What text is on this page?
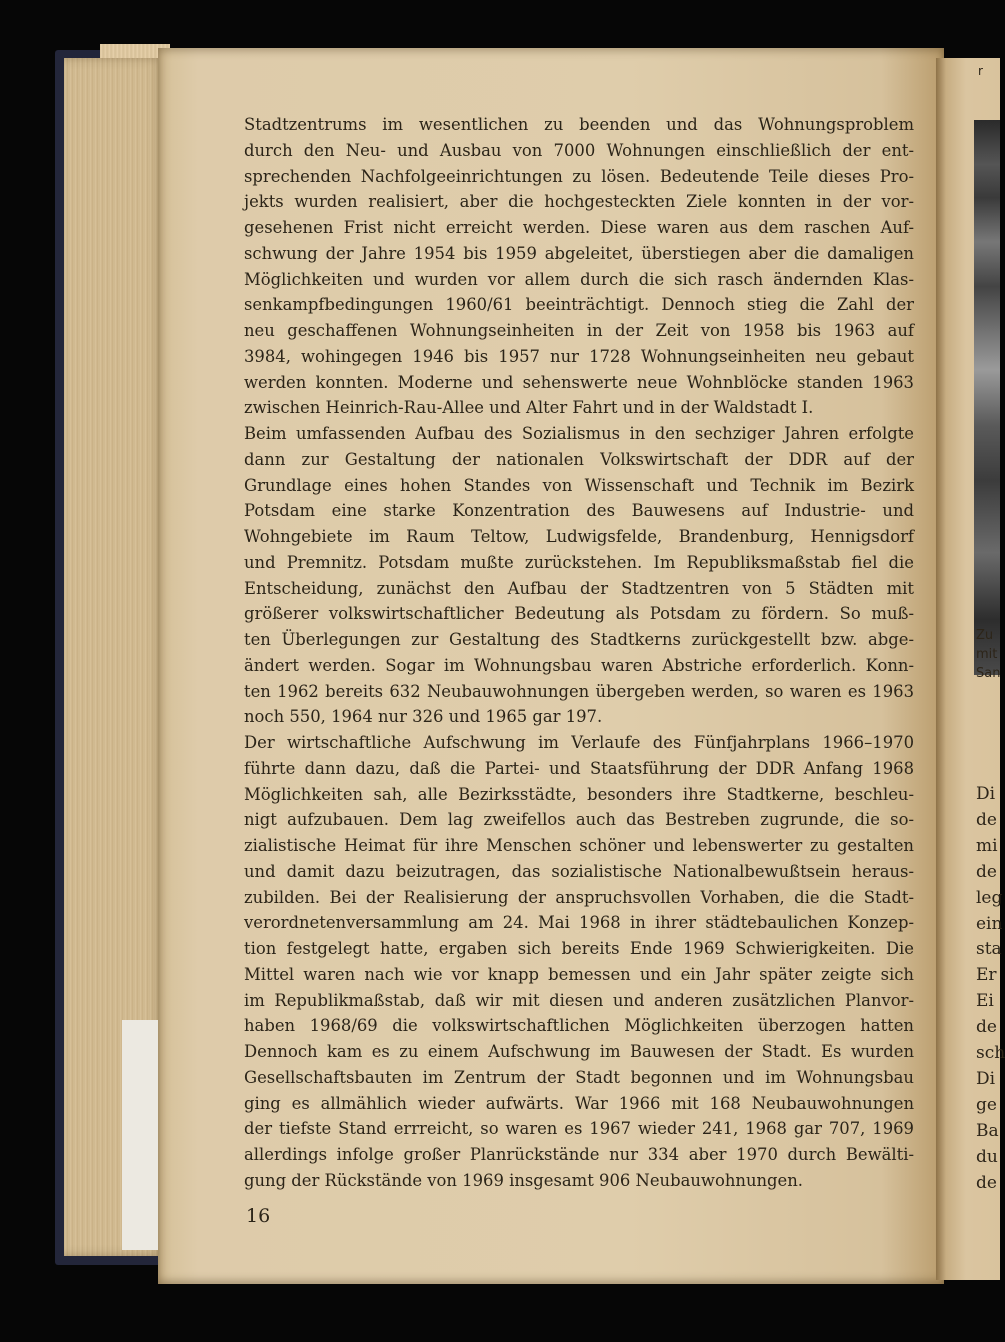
Stadtzentrums im wesentlichen zu beenden und das Wohnungsproblem
durch den Neu- und Ausbau von 7000 Wohnungen einschließlich der ent-
sprechenden Nachfolgeeinrichtungen zu lösen. Bedeutende Teile dieses Pro-
jekts wurden realisiert, aber die hochgesteckten Ziele konnten in der vor-
gesehenen Frist nicht erreicht werden. Diese waren aus dem raschen Auf-
schwung der Jahre 1954 bis 1959 abgeleitet, überstiegen aber die damaligen
Möglichkeiten und wurden vor allem durch die sich rasch ändernden Klas-
senkampfbedingungen 1960/61 beeinträchtigt. Dennoch stieg die Zahl der
neu geschaffenen Wohnungseinheiten in der Zeit von 1958 bis 1963 auf
3984, wohingegen 1946 bis 1957 nur 1728 Wohnungseinheiten neu gebaut
werden konnten. Moderne und sehenswerte neue Wohnblöcke standen 1963
zwischen Heinrich-Rau-Allee und Alter Fahrt und in der Waldstadt I.
Beim umfassenden Aufbau des Sozialismus in den sechziger Jahren erfolgte
dann zur Gestaltung der nationalen Volkswirtschaft der DDR auf der
Grundlage eines hohen Standes von Wissenschaft und Technik im Bezirk
Potsdam eine starke Konzentration des Bauwesens auf Industrie- und
Wohngebiete im Raum Teltow, Ludwigsfelde, Brandenburg, Hennigsdorf
und Premnitz. Potsdam mußte zurückstehen. Im Republiksmaßstab fiel die
Entscheidung, zunächst den Aufbau der Stadtzentren von 5 Städten mit
größerer volkswirtschaftlicher Bedeutung als Potsdam zu fördern. So muß-
ten Überlegungen zur Gestaltung des Stadtkerns zurückgestellt bzw. abge-
ändert werden. Sogar im Wohnungsbau waren Abstriche erforderlich. Konn-
ten 1962 bereits 632 Neubauwohnungen übergeben werden, so waren es 1963
noch 550, 1964 nur 326 und 1965 gar 197.
Der wirtschaftliche Aufschwung im Verlaufe des Fünfjahrplans 1966–1970
führte dann dazu, daß die Partei- und Staatsführung der DDR Anfang 1968
Möglichkeiten sah, alle Bezirksstädte, besonders ihre Stadtkerne, beschleu-
nigt aufzubauen. Dem lag zweifellos auch das Bestreben zugrunde, die so-
zialistische Heimat für ihre Menschen schöner und lebenswerter zu gestalten
und damit dazu beizutragen, das sozialistische Nationalbewußtsein heraus-
zubilden. Bei der Realisierung der anspruchsvollen Vorhaben, die die Stadt-
verordnetenversammlung am 24. Mai 1968 in ihrer städtebaulichen Konzep-
tion festgelegt hatte, ergaben sich bereits Ende 1969 Schwierigkeiten. Die
Mittel waren nach wie vor knapp bemessen und ein Jahr später zeigte sich
im Republikmaßstab, daß wir mit diesen und anderen zusätzlichen Planvor-
haben 1968/69 die volkswirtschaftlichen Möglichkeiten überzogen hatten
Dennoch kam es zu einem Aufschwung im Bauwesen der Stadt. Es wurden
Gesellschaftsbauten im Zentrum der Stadt begonnen und im Wohnungsbau
ging es allmählich wieder aufwärts. War 1966 mit 168 Neubauwohnungen
der tiefste Stand errreicht, so waren es 1967 wieder 241, 1968 gar 707, 1969
allerdings infolge großer Planrückstände nur 334 aber 1970 durch Bewälti-
gung der Rückstände von 1969 insgesamt 906 Neubauwohnungen.
16
r
Zu
mit
San
Di
de
mi
de
leg
ein
sta
Er
Ei
de
sch
Di
ge
Ba
du
de
